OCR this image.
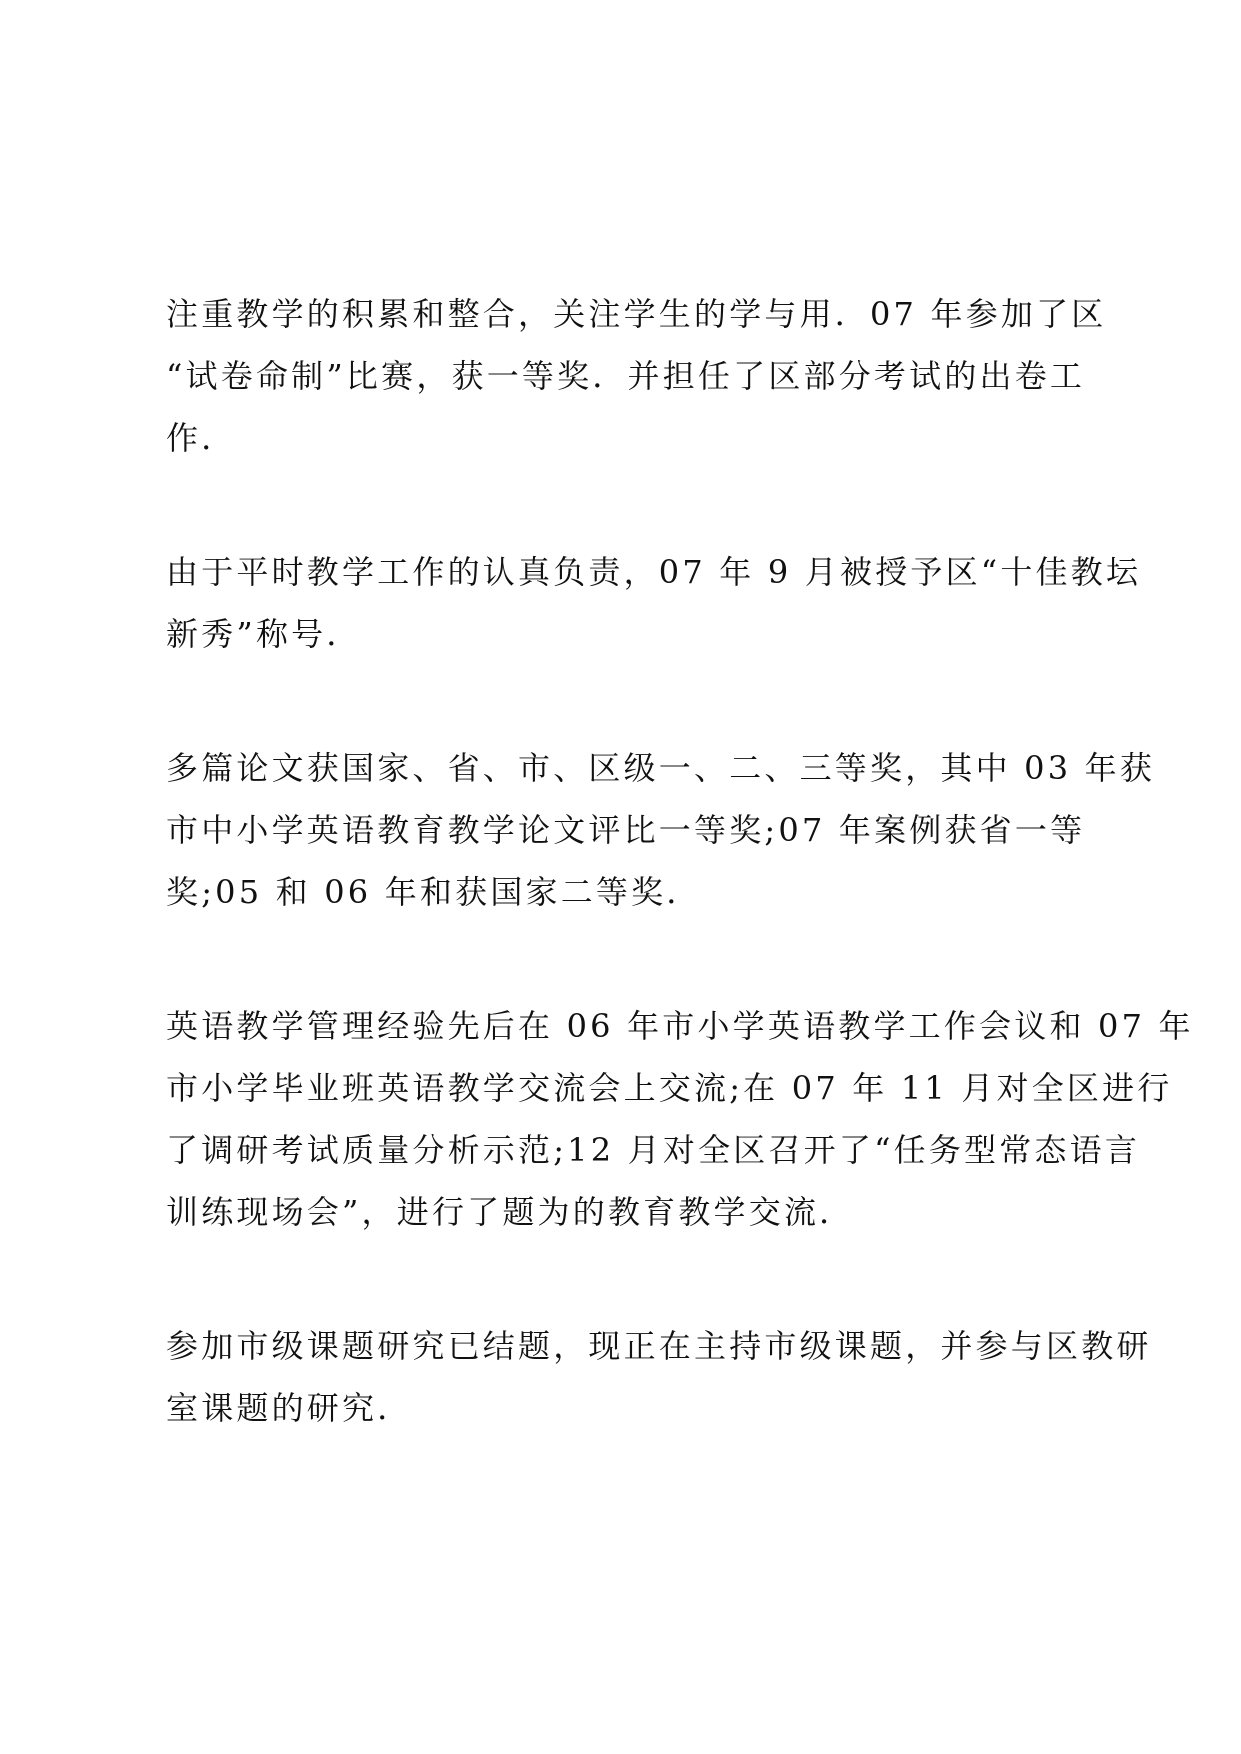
注重教学的积累和整合，关注学生的学与用．07 年参加了区
“试卷命制”比赛，获一等奖．并担任了区部分考试的出卷工
作．
由于平时教学工作的认真负责，07 年 9 月被授予区“十佳教坛
新秀”称号．
多篇论文获国家、省、市、区级一、二、三等奖，其中 03 年获
市中小学英语教育教学论文评比一等奖;07 年案例获省一等
奖;05 和 06 年和获国家二等奖．
英语教学管理经验先后在 06 年市小学英语教学工作会议和 07 年
市小学毕业班英语教学交流会上交流;在 07 年 11 月对全区进行
了调研考试质量分析示范;12 月对全区召开了“任务型常态语言
训练现场会”，进行了题为的教育教学交流．
参加市级课题研究已结题，现正在主持市级课题，并参与区教研
室课题的研究．
